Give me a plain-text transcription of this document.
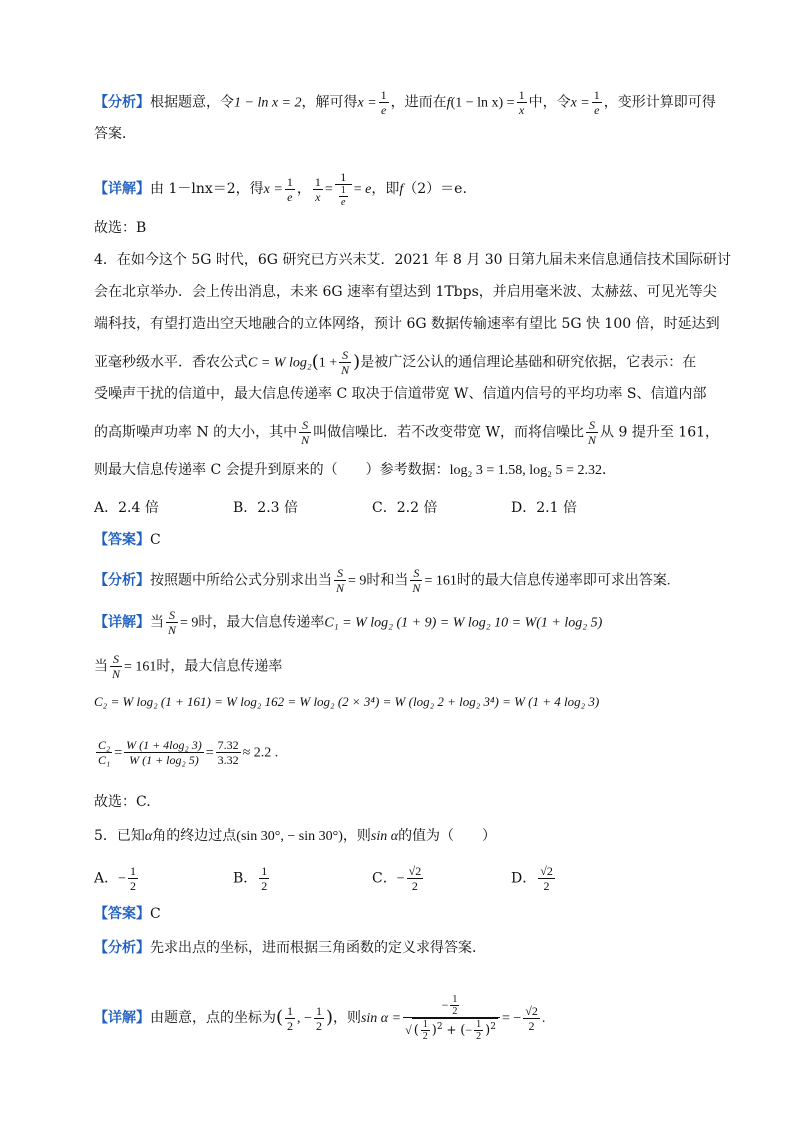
【分析】根据题意，令1 − ln x = 2，解可得$x = \frac{1}{e}$ ，进而在$f(1 - \ln x) = \frac{1}{x}$ 中，令$x = \frac{1}{e}$ ，变形计算即可得
答案．
【详解】由 1－lnx＝2，得$x = \frac{1}{e}$ ， $\frac{1}{x} = \frac{1}{\frac{1}{e}} = e$，即f（2）＝e.
故选：B
4．在如今这个 5G 时代，6G 研究已方兴未艾．2021 年 8 月 30 日第九届未来信息通信技术国际研讨
会在北京举办．会上传出消息，未来 6G 速率有望达到 1Tbps，并启用毫米波、太赫兹、可见光等尖
端科技，有望打造出空天地融合的立体网络，预计 6G 数据传输速率有望比 5G 快 100 倍，时延达到
亚毫秒级水平．香农公式C = W $\log_2(1 + \frac{S}{N}$ )是被广泛公认的通信理论基础和研究依据，它表示：在
受噪声干扰的信道中，最大信息传递率 C 取决于信道带宽 W、信道内信号的平均功率 S、信道内部
的高斯噪声功率 N 的大小，其中 $\frac{S}{N}$ 叫做信噪比．若不改变带宽 W，而将信噪比 $\frac{S}{N}$ 从 9 提升至 161，
则最大信息传递率 C 会提升到原来的（　　）参考数据：log₂ 3 = 1.58, log₂ 5 = 2.32．
A．2.4 倍	B．2.3 倍	C．2.2 倍	D．2.1 倍
【答案】C
【分析】按照题中所给公式分别求出当 $\frac{S}{N} = 9$时和当 $\frac{S}{N} = 161$时的最大信息传递率即可求出答案.
【详解】当 $\frac{S}{N} = 9$时，最大信息传递率C₁ = W log₂ (1 + 9) = W log₂ 10 = W(1 + log₂ 5)
当 $\frac{S}{N} = 161$时，最大信息传递率
C₂ = W log₂ (1 + 161) = W log₂ 162 = W log₂ (2 × 3⁴) = W (log₂ 2 + log₂ 3⁴) = W (1 + 4 log₂ 3)
$\frac{\text{C₂}}{\text{C₁}} = \frac{\text{W (1 + 4log₂ 3)}}{\text{W (1 + log₂ 5)}} = \frac{7.32}{3.32} \approx 2.2$ .
故选：C.
5．已知α角的终边过点(sin 30°, − sin 30°)，则sin α的值为（　　）
A．− $\frac{1}{2}$	B． $\frac{1}{2}$	C．− $\frac{√2}{2}$	D． $\frac{√2}{2}$
【答案】C
【分析】先求出点的坐标，进而根据三角函数的定义求得答案.
【详解】由题意，点的坐标为( $\frac{1}{2}$ , − $\frac{1}{2}$ )，则$\sin \alpha = \frac{- \frac{1}{2}}{√ ( \frac{1}{2} )^2 + (- \frac{1}{2} )^2}$ = − $\frac{√2}{2}$ .
